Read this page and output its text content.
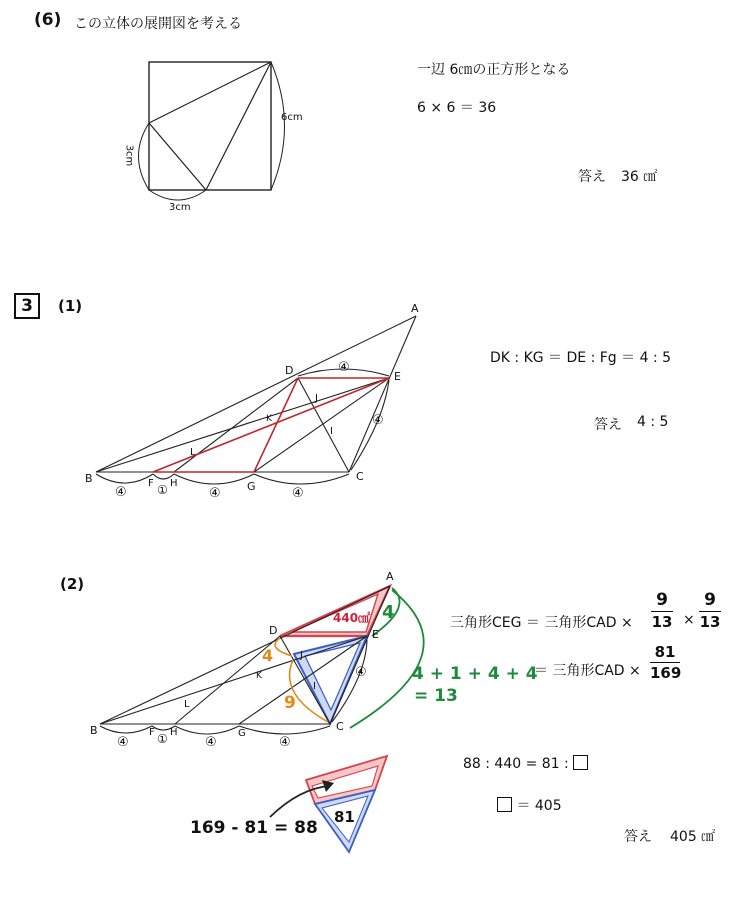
(6) この立体の展開図を考える
6cm
3cm
3cm
一辺 6㎝の正方形となる
6 × 6 ＝ 36
答え 36 ㎠
3	(1)	A
B	C
D	E
F H	G
I
J
K
L
④
④
④	①	④	④
DK : KG ＝ DE : Fg ＝ 4 : 5
答え 4 : 5
(2)	A
B	C
D	E
F H	G
I
J
K
L
④
④ ①	④	④
440㎠ 4
4
9
4 + 1 + 4 + 4
= 13
三角形CEG ＝ 三角形CAD ×
9
13 ×
9
13
＝ 三角形CAD ×
81
169
88 : 440 = 81 :
＝ 405
答え 405 ㎠
81
169 - 81 = 88
